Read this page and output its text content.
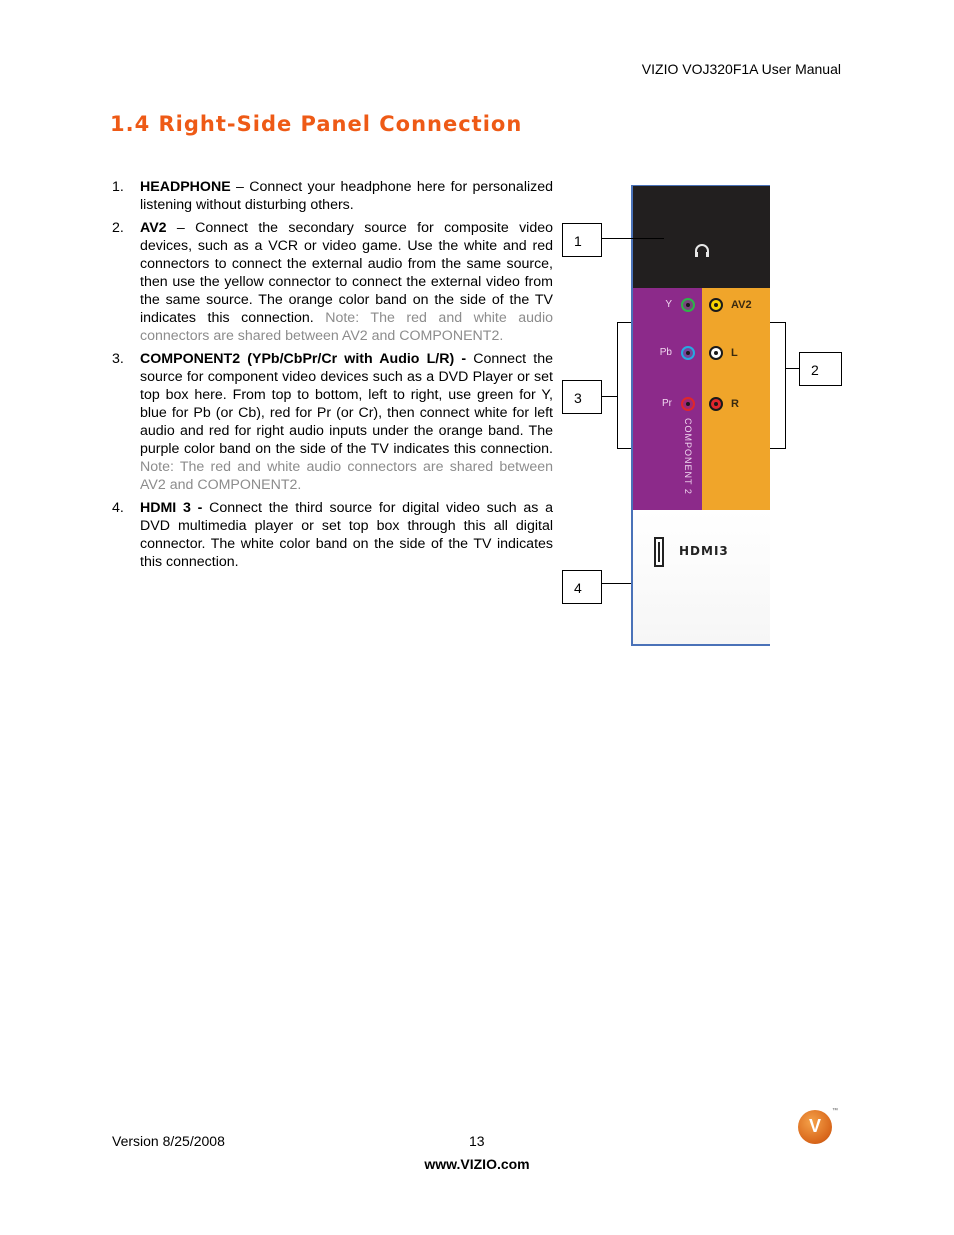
VIZIO VOJ320F1A User Manual
1.4 Right-Side Panel Connection
1. HEADPHONE – Connect your headphone here for personalized listening without disturbing others.
2. AV2 – Connect the secondary source for composite video devices, such as a VCR or video game. Use the white and red connectors to connect the external audio from the same source, then use the yellow connector to connect the external video from the same source. The orange color band on the side of the TV indicates this connection. Note: The red and white audio connectors are shared between AV2 and COMPONENT2.
3. COMPONENT2 (YPb/CbPr/Cr with Audio L/R) - Connect the source for component video devices such as a DVD Player or set top box here. From top to bottom, left to right, use green for Y, blue for Pb (or Cb), red for Pr (or Cr), then connect white for left audio and red for right audio inputs under the orange band. The purple color band on the side of the TV indicates this connection. Note: The red and white audio connectors are shared between AV2 and COMPONENT2.
4. HDMI 3 - Connect the third source for digital video such as a DVD multimedia player or set top box through this all digital connector. The white color band on the side of the TV indicates this connection.
Y
Pb
Pr
COMPONENT 2
AV2
L
R
HDMI3
1
3
2
4
Version 8/25/2008	13
www.VIZIO.com
V
™
